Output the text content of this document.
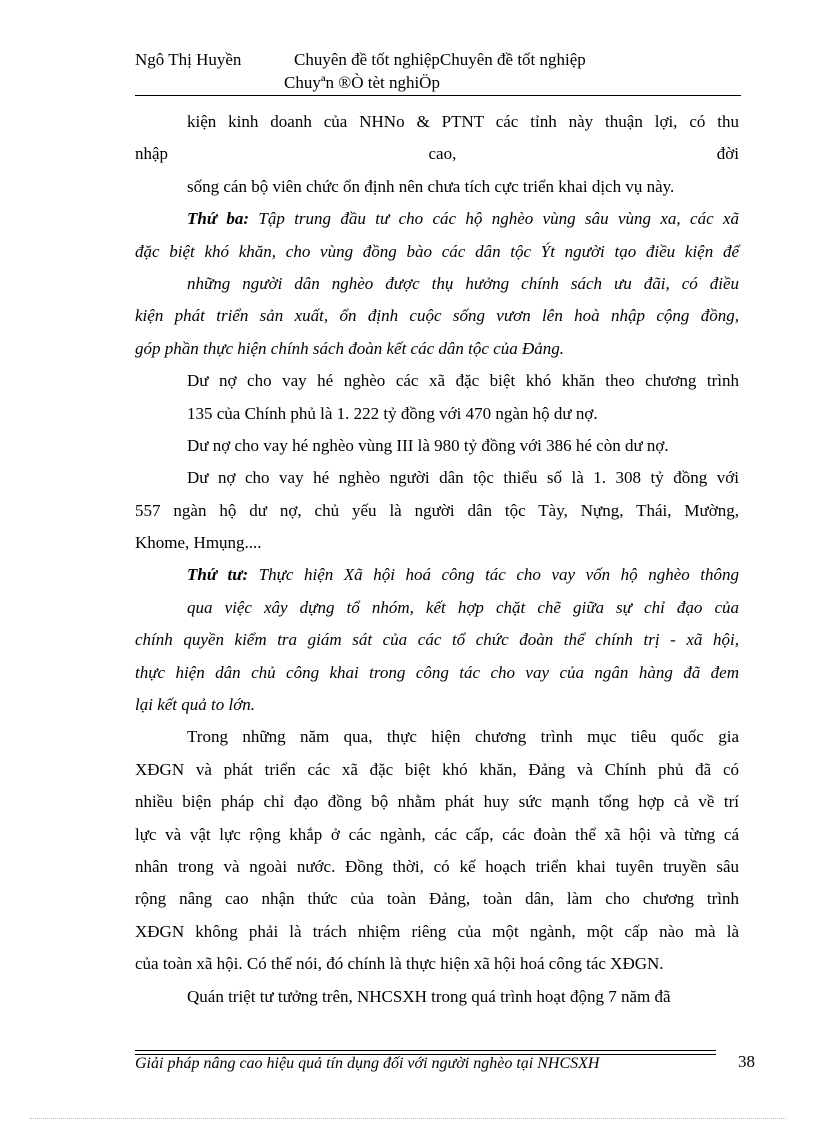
Ngô Thị Huyền	Chuyên đề tốt nghiệpChuyên đề tốt nghiệp
Chuyªn ®Ò tèt nghiÖp
kiện kinh doanh của NHNo & PTNT các tỉnh này thuận lợi, có thu
nhập	cao,	đời
sống cán bộ viên chức ổn định nên chưa tích cực triển khai dịch vụ này.
Thứ ba: Tập trung đầu tư cho các hộ nghèo vùng sâu vùng xa, các xã
đặc biệt khó khăn, cho vùng đồng bào các dân tộc Ýt người tạo điều kiện để
những người dân nghèo được thụ hưởng chính sách ưu đãi, có điều
kiện phát triển sản xuất, ổn định cuộc sống vươn lên hoà nhập cộng đồng,
góp phần thực hiện chính sách đoàn kết các dân tộc của Đảng.
Dư nợ cho vay hé nghèo các xã đặc biệt khó khăn theo chương trình
135 của Chính phủ là 1. 222 tỷ đồng với 470 ngàn hộ dư nợ.
Dư nợ cho vay hé nghèo vùng III là 980 tỷ đồng với 386 hé còn dư nợ.
Dư nợ cho vay hé nghèo người dân tộc thiểu số là 1. 308 tỷ đồng với
557 ngàn hộ dư nợ, chủ yếu là người dân tộc Tày, Nựng, Thái, Mường,
Khome, Hmụng....
Thứ tư: Thực hiện Xã hội hoá công tác cho vay vốn hộ nghèo thông
qua việc xây dựng tổ nhóm, kết hợp chặt chẽ giữa sự chỉ đạo của
chính quyền kiểm tra giám sát của các tổ chức đoàn thể chính trị - xã hội,
thực hiện dân chủ công khai trong công tác cho vay của ngân hàng đã đem
lại kết quả to lớn.
Trong những năm qua, thực hiện chương trình mục tiêu quốc gia
XĐGN và phát triển các xã đặc biệt khó khăn, Đảng và Chính phủ đã có
nhiều biện pháp chỉ đạo đồng bộ nhằm phát huy sức mạnh tổng hợp cả về trí
lực và vật lực rộng khắp ở các ngành, các cấp, các đoàn thể xã hội và từng cá
nhân trong và ngoài nước. Đồng thời, có kế hoạch triển khai tuyên truyền sâu
rộng nâng cao nhận thức của toàn Đảng, toàn dân, làm cho chương trình
XĐGN không phải là trách nhiệm riêng của một ngành, một cấp nào mà là
của toàn xã hội. Có thể nói, đó chính là thực hiện xã hội hoá công tác XĐGN.
Quán triệt tư tưởng trên, NHCSXH trong quá trình hoạt động 7 năm đã
Giải pháp nâng cao hiệu quả tín dụng đối với người nghèo tại NHCSXH	38
